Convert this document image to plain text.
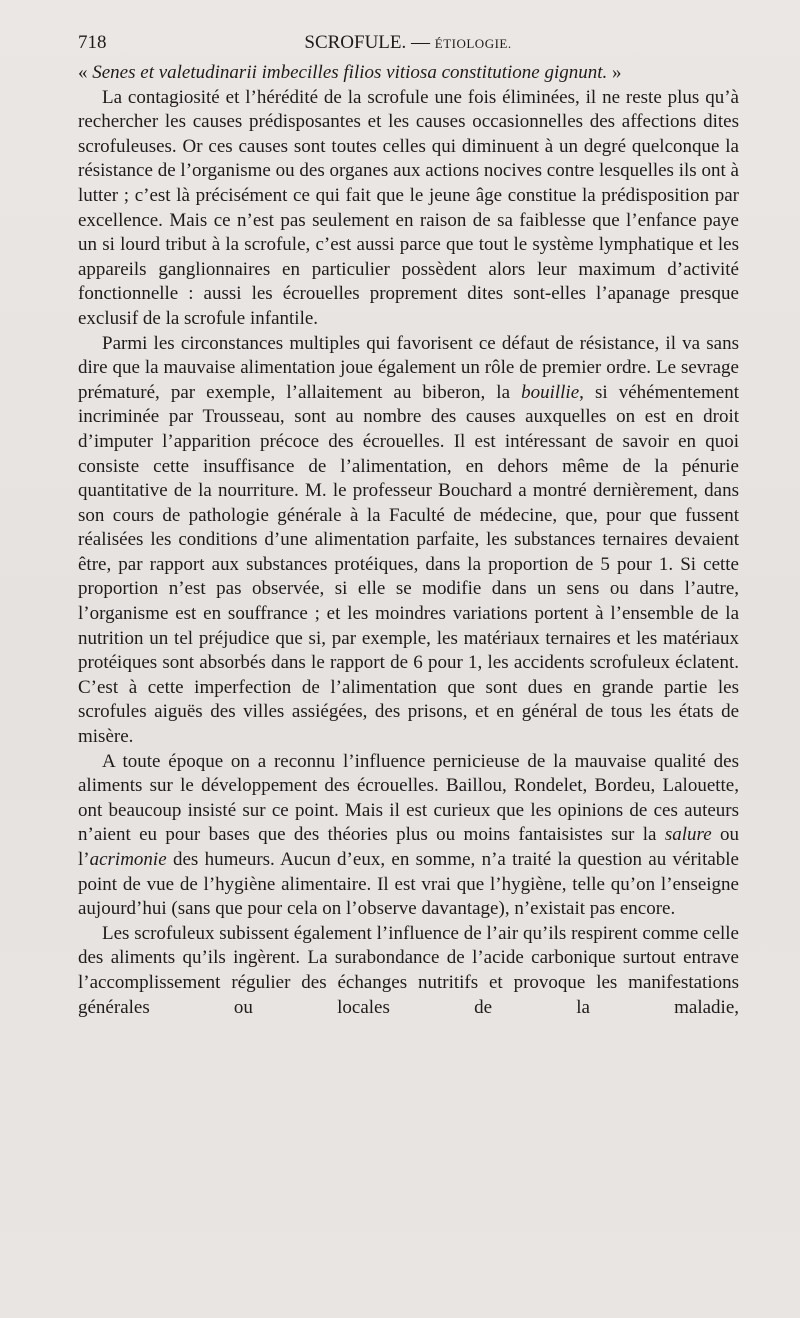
718	SCROFULE. — ÉTIOLOGIE.

« Senes et valetudinarii imbecilles filios vitiosa constitutione gignunt. »

La contagiosité et l’hérédité de la scrofule une fois éliminées, il ne reste plus qu’à rechercher les causes prédisposantes et les causes occasionnelles des affections dites scrofuleuses. Or ces causes sont toutes celles qui diminuent à un degré quelconque la résistance de l’organisme ou des organes aux actions nocives contre lesquelles ils ont à lutter ; c’est là précisément ce qui fait que le jeune âge constitue la prédisposition par excellence. Mais ce n’est pas seulement en raison de sa faiblesse que l’enfance paye un si lourd tribut à la scrofule, c’est aussi parce que tout le système lymphatique et les appareils ganglionnaires en particulier possèdent alors leur maximum d’activité fonctionnelle : aussi les écrouelles proprement dites sont-elles l’apanage presque exclusif de la scrofule infantile.

Parmi les circonstances multiples qui favorisent ce défaut de résistance, il va sans dire que la mauvaise alimentation joue également un rôle de premier ordre. Le sevrage prématuré, par exemple, l’allaitement au biberon, la bouillie, si véhémentement incriminée par Trousseau, sont au nombre des causes auxquelles on est en droit d’imputer l’apparition précoce des écrouelles. Il est intéressant de savoir en quoi consiste cette insuffisance de l’alimentation, en dehors même de la pénurie quantitative de la nourriture. M. le professeur Bouchard a montré dernièrement, dans son cours de pathologie générale à la Faculté de médecine, que, pour que fussent réalisées les conditions d’une alimentation parfaite, les substances ternaires devaient être, par rapport aux substances protéiques, dans la proportion de 5 pour 1. Si cette proportion n’est pas observée, si elle se modifie dans un sens ou dans l’autre, l’organisme est en souffrance ; et les moindres variations portent à l’ensemble de la nutrition un tel préjudice que si, par exemple, les matériaux ternaires et les matériaux protéiques sont absorbés dans le rapport de 6 pour 1, les accidents scrofuleux éclatent. C’est à cette imperfection de l’alimentation que sont dues en grande partie les scrofules aiguës des villes assiégées, des prisons, et en général de tous les états de misère.

A toute époque on a reconnu l’influence pernicieuse de la mauvaise qualité des aliments sur le développement des écrouelles. Baillou, Rondelet, Bordeu, Lalouette, ont beaucoup insisté sur ce point. Mais il est curieux que les opinions de ces auteurs n’aient eu pour bases que des théories plus ou moins fantaisistes sur la salure ou l’acrimonie des humeurs. Aucun d’eux, en somme, n’a traité la question au véritable point de vue de l’hygiène alimentaire. Il est vrai que l’hygiène, telle qu’on l’enseigne aujourd’hui (sans que pour cela on l’observe davantage), n’existait pas encore.

Les scrofuleux subissent également l’influence de l’air qu’ils respirent comme celle des aliments qu’ils ingèrent. La surabondance de l’acide carbonique surtout entrave l’accomplissement régulier des échanges nutritifs et provoque les manifestations générales ou locales de la maladie,
